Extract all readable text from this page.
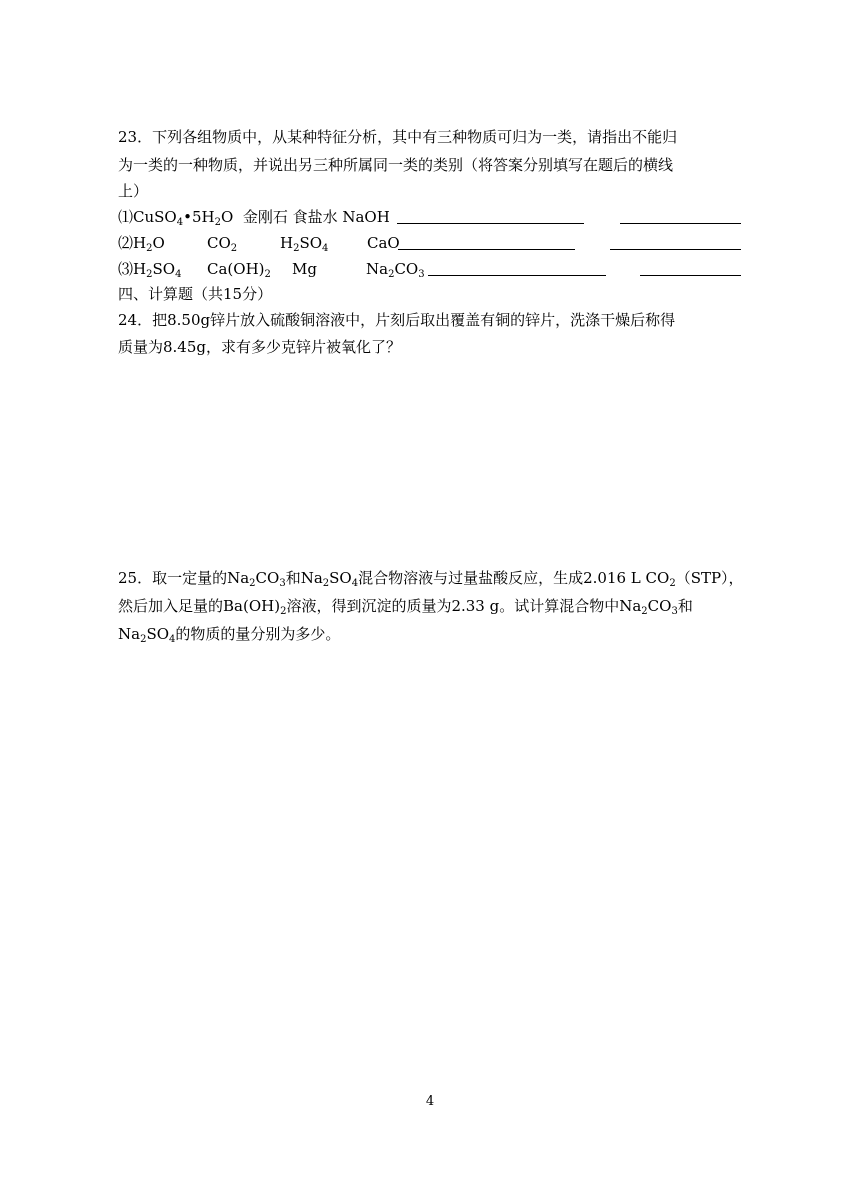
23．下列各组物质中，从某种特征分析，其中有三种物质可归为一类，请指出不能归
为一类的一种物质，并说出另三种所属同一类的类别（将答案分别填写在题后的横线
上）
$⑴CuSO_4•5H_2O$ 金刚石 食盐水 NaOH
$⑵H_2O$	$CO_2$	$H_2SO_4$	CaO
$⑶H_2SO_4$ $Ca(OH)_2$ Mg	$Na_2CO_3$
四、计算题（共15分）
24．把8.50g锌片放入硫酸铜溶液中，片刻后取出覆盖有铜的锌片，洗涤干燥后称得
质量为8.45g，求有多少克锌片被氧化了？
25．取一定量的$Na_2CO_3$和$Na_2SO_4$混合物溶液与过量盐酸反应，生成2.016 L $CO_2(STP)$，
然后加入足量的$Ba(OH)_2$溶液，得到沉淀的质量为2.33 g。试计算混合物中$Na_2CO_3$和
$Na_2SO_4$的物质的量分别为多少。
4
